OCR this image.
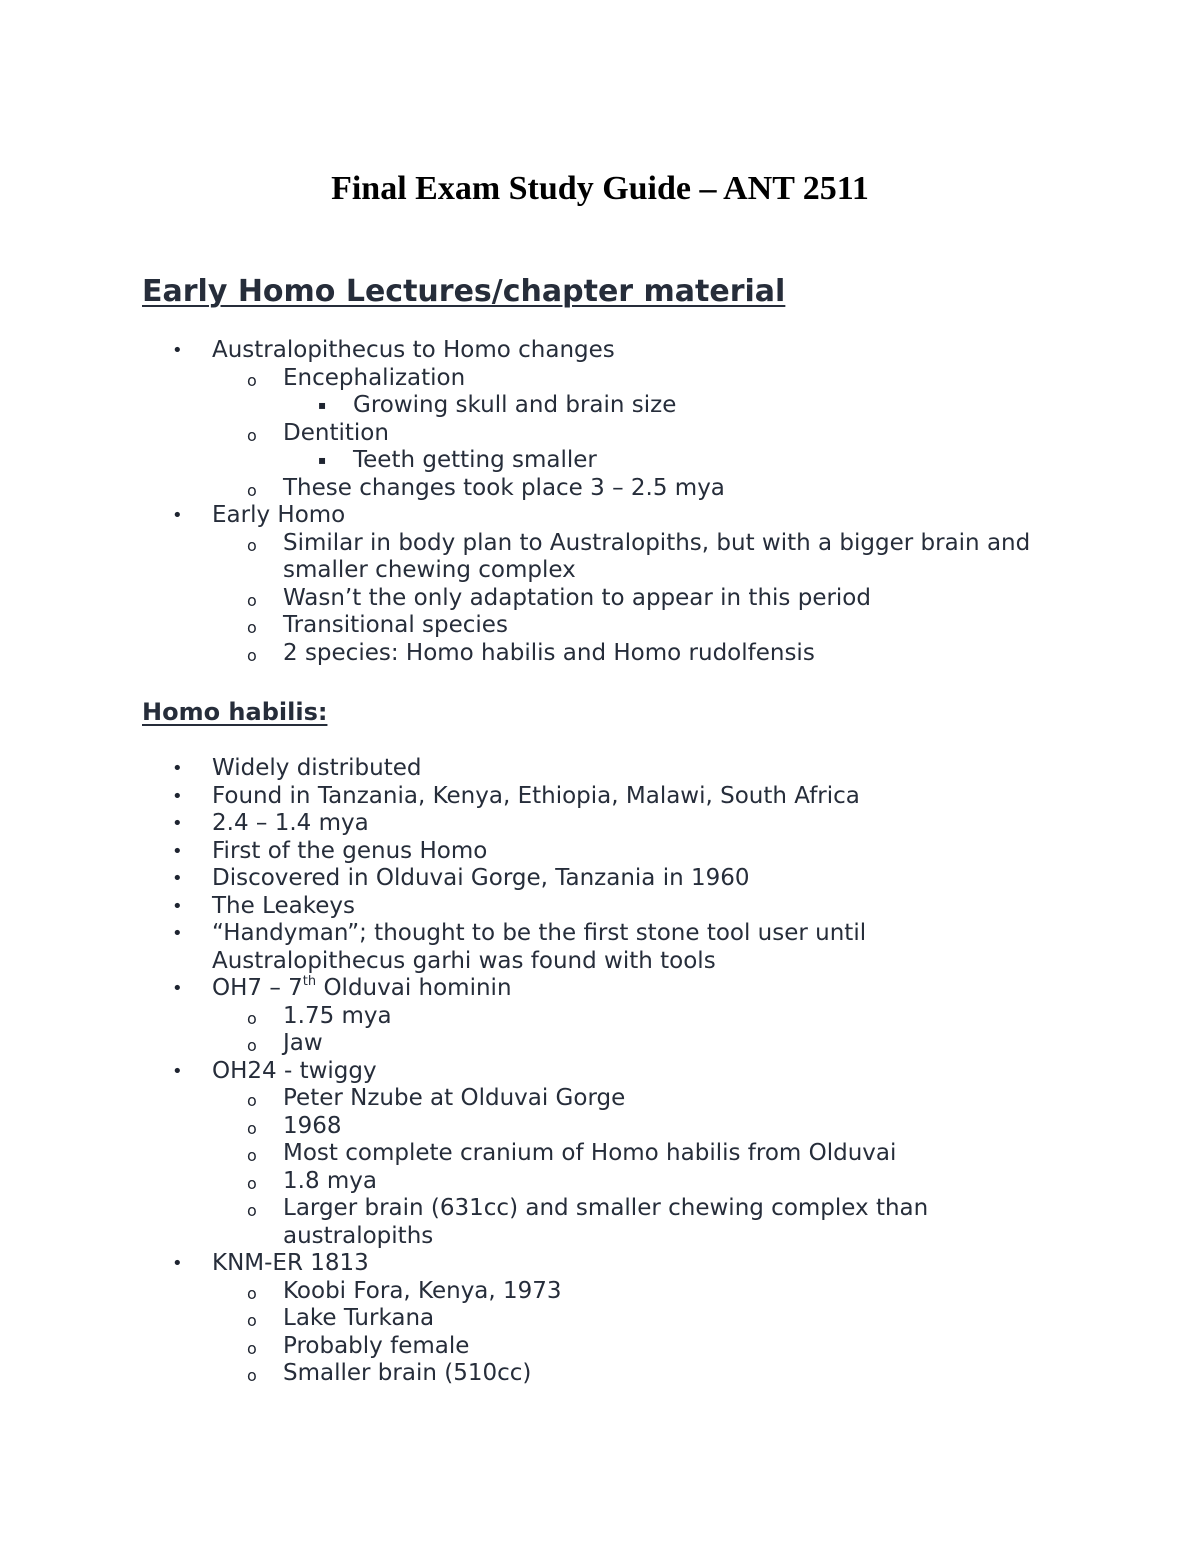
Final Exam Study Guide – ANT 2511
Early Homo Lectures/chapter material
• Australopithecus to Homo changes
o Encephalization
▪ Growing skull and brain size
o Dentition
▪ Teeth getting smaller
o These changes took place 3 – 2.5 mya
• Early Homo
o Similar in body plan to Australopiths, but with a bigger brain and
smaller chewing complex
o Wasn’t the only adaptation to appear in this period
o Transitional species
o 2 species: Homo habilis and Homo rudolfensis
Homo habilis:
• Widely distributed
• Found in Tanzania, Kenya, Ethiopia, Malawi, South Africa
• 2.4 – 1.4 mya
• First of the genus Homo
• Discovered in Olduvai Gorge, Tanzania in 1960
• The Leakeys
• “Handyman”; thought to be the first stone tool user until
Australopithecus garhi was found with tools
• OH7 – 7th Olduvai hominin
o 1.75 mya
o Jaw
• OH24 - twiggy
o Peter Nzube at Olduvai Gorge
o 1968
o Most complete cranium of Homo habilis from Olduvai
o 1.8 mya
o Larger brain (631cc) and smaller chewing complex than
australopiths
• KNM-ER 1813
o Koobi Fora, Kenya, 1973
o Lake Turkana
o Probably female
o Smaller brain (510cc)
